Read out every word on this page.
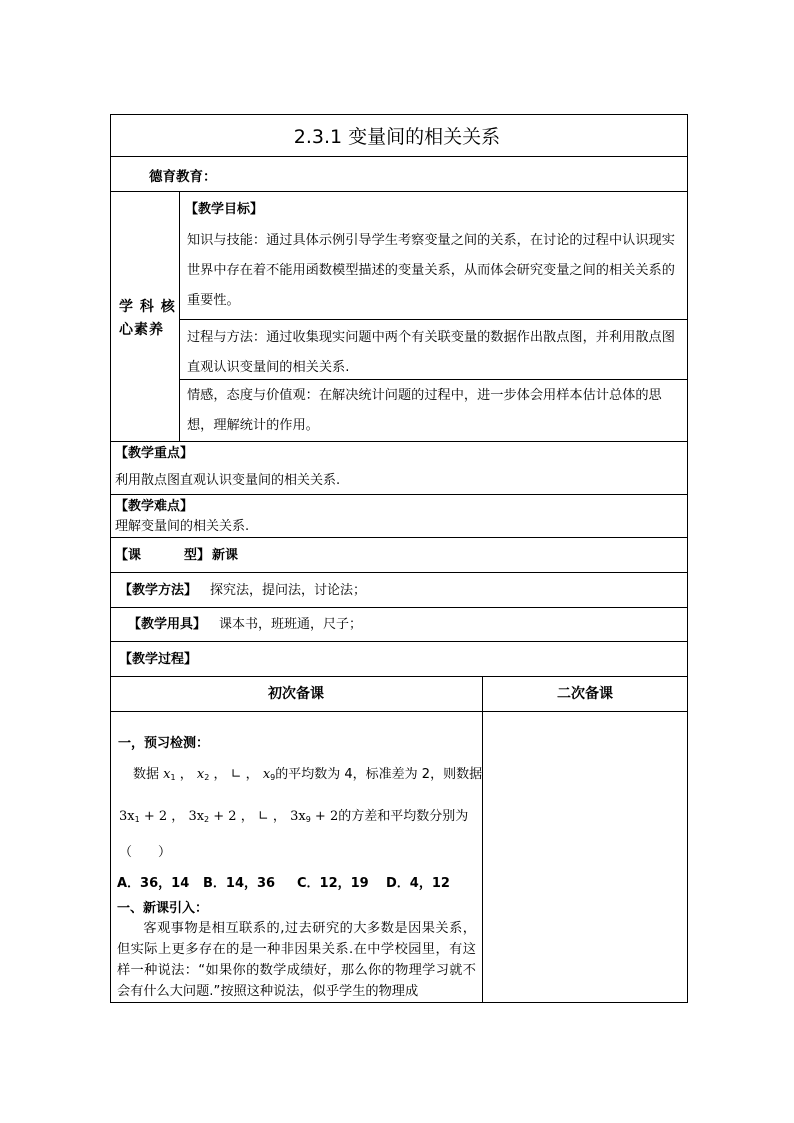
2.3.1 变量间的相关关系
德育教育：
学 科 核
心素养
【教学目标】
知识与技能：通过具体示例引导学生考察变量之间的关系，在讨论的过程中认识现实世界中存在着不能用函数模型描述的变量关系，从而体会研究变量之间的相关关系的重要性。
过程与方法：通过收集现实问题中两个有关联变量的数据作出散点图，并利用散点图直观认识变量间的相关关系.
情感，态度与价值观：在解决统计问题的过程中，进一步体会用样本估计总体的思想，理解统计的作用。
【教学重点】
利用散点图直观认识变量间的相关关系.
【教学难点】
理解变量间的相关关系.
【课	型】 新课
【教学方法】 探究法，提问法，讨论法；
【教学用具】 课本书，班班通，尺子；
【教学过程】
初次备课	二次备课
一，预习检测：
数据 $x_1$ ， $x_2$ ， ∟ ， $x_9$的平均数为 4，标准差为 2，则数据
$3x_1 + 2$ ， $3x_2 + 2$ ， ∟ ， $3x_9 + 2$的方差和平均数分别为
（　　）
A．36，14 B．14，36 C．12，19 D．4，12
一、新课引入：
客观事物是相互联系的,过去研究的大多数是因果关系，但实际上更多存在的是一种非因果关系.在中学校园里，有这样一种说法：“如果你的数学成绩好，那么你的物理学习就不会有什么大问题.”按照这种说法，似乎学生的物理成
